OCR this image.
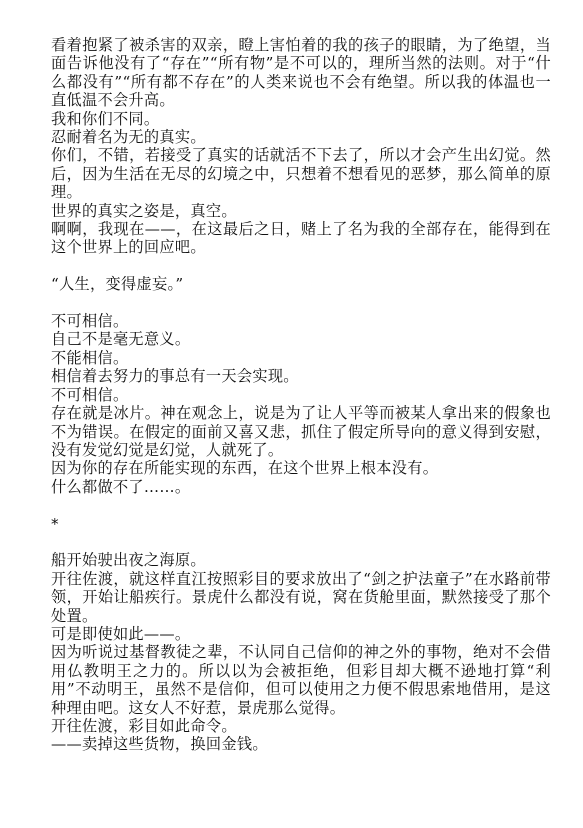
看着抱紧了被杀害的双亲，瞪上害怕着的我的孩子的眼睛，为了绝望，当面告诉他没有了“存在”“所有物”是不可以的，理所当然的法则。对于“什么都没有”“所有都不存在”的人类来说也不会有绝望。所以我的体温也一直低温不会升高。

我和你们不同。

忍耐着名为无的真实。

你们，不错，若接受了真实的话就活不下去了，所以才会产生出幻觉。然后，因为生活在无尽的幻境之中，只想着不想看见的恶梦，那么简单的原理。

世界的真实之姿是，真空。

啊啊，我现在——，在这最后之日，赌上了名为我的全部存在，能得到在这个世界上的回应吧。

“人生，变得虚妄。”

不可相信。

自己不是毫无意义。

不能相信。

相信着去努力的事总有一天会实现。

不可相信。

存在就是冰片。神在观念上，说是为了让人平等而被某人拿出来的假象也不为错误。在假定的面前又喜又悲，抓住了假定所导向的意义得到安慰，没有发觉幻觉是幻觉，人就死了。

因为你的存在所能实现的东西，在这个世界上根本没有。

什么都做不了……。

*

船开始驶出夜之海原。

开往佐渡，就这样直江按照彩目的要求放出了“剑之护法童子”在水路前带领，开始让船疾行。景虎什么都没有说，窝在货舱里面，默然接受了那个处置。

可是即使如此——。

因为听说过基督教徒之辈，不认同自己信仰的神之外的事物，绝对不会借用仏教明王之力的。所以以为会被拒绝，但彩目却大概不逊地打算“利用”不动明王，虽然不是信仰，但可以使用之力便不假思索地借用，是这种理由吧。这女人不好惹，景虎那么觉得。

开往佐渡，彩目如此命令。

——卖掉这些货物，换回金钱。
